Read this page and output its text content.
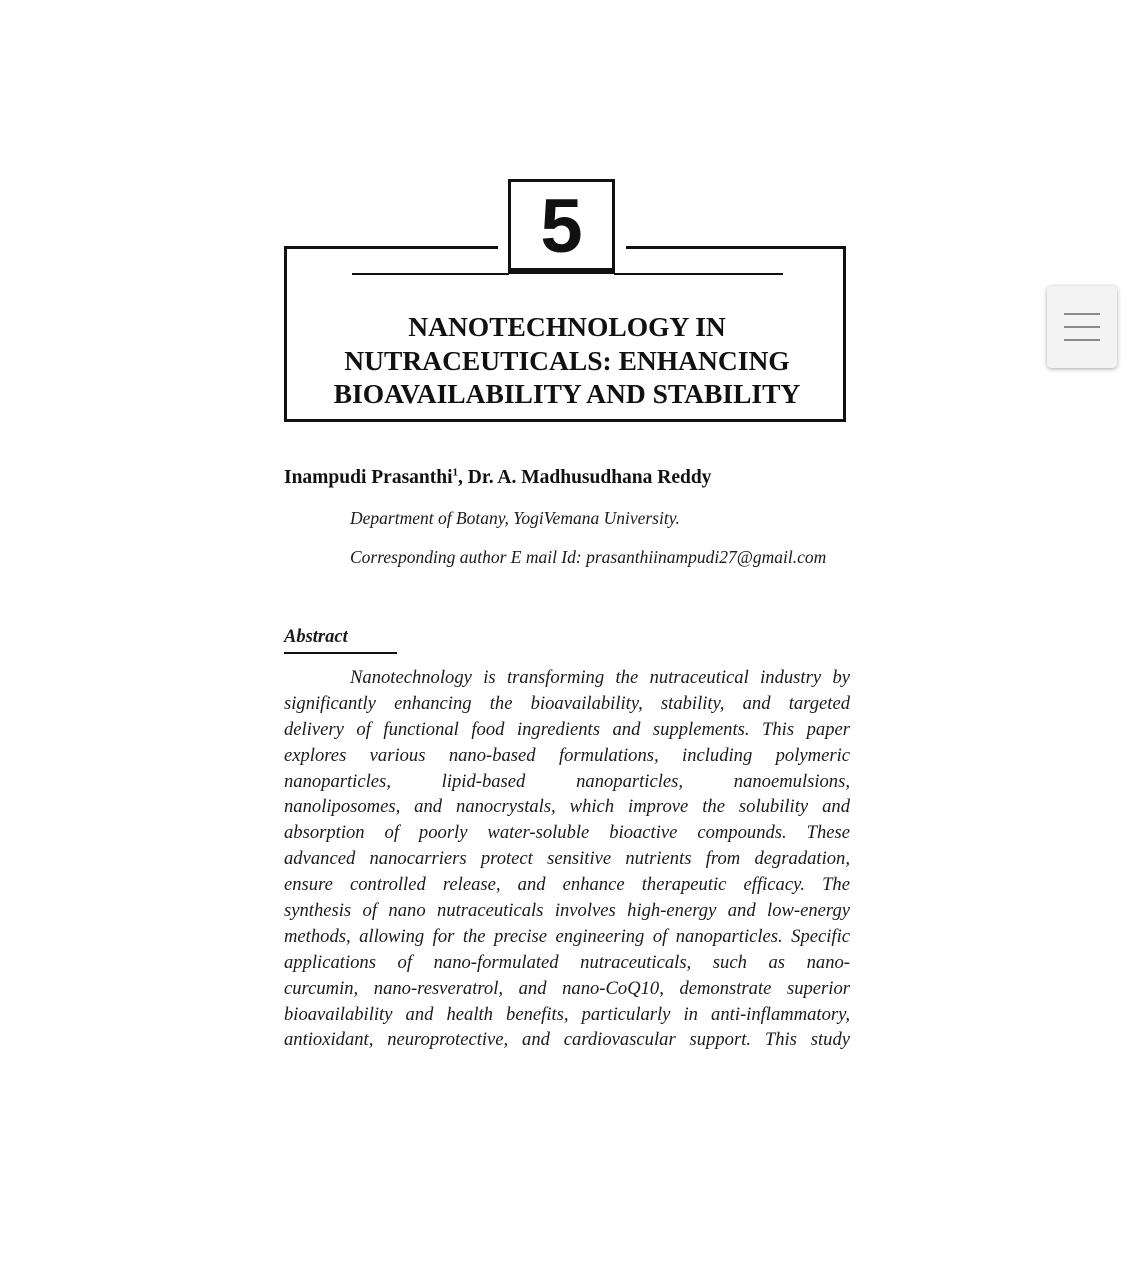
5
NANOTECHNOLOGY IN
NUTRACEUTICALS: ENHANCING
BIOAVAILABILITY AND STABILITY
Inampudi Prasanthi$^1$, Dr. A. Madhusudhana Reddy
Department of Botany, YogiVemana University.
Corresponding author E mail Id: prasanthiinampudi27@gmail.com
Abstract
Nanotechnology is transforming the nutraceutical industry by
significantly enhancing the bioavailability, stability, and targeted
delivery of functional food ingredients and supplements. This paper
explores various nano-based formulations, including polymeric
nanoparticles, lipid-based nanoparticles, nanoemulsions,
nanoliposomes, and nanocrystals, which improve the solubility and
absorption of poorly water-soluble bioactive compounds. These
advanced nanocarriers protect sensitive nutrients from degradation,
ensure controlled release, and enhance therapeutic efficacy. The
synthesis of nano nutraceuticals involves high-energy and low-energy
methods, allowing for the precise engineering of nanoparticles. Specific
applications of nano-formulated nutraceuticals, such as nano-
curcumin, nano-resveratrol, and nano-CoQ10, demonstrate superior
bioavailability and health benefits, particularly in anti-inflammatory,
antioxidant, neuroprotective, and cardiovascular support. This study
